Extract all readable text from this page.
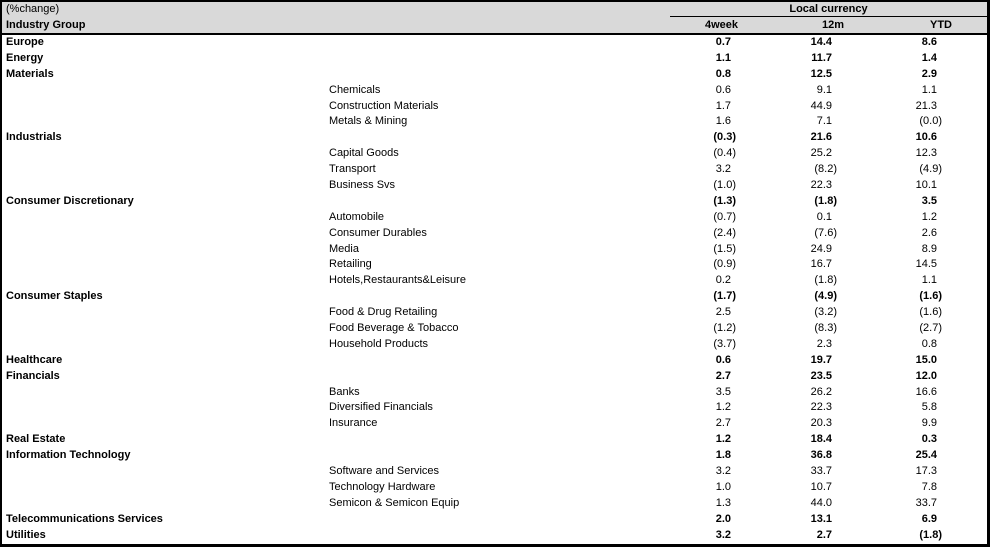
(%change)
Industry Group
Local currency
4week	12m	YTD
Europe	0.7	14.4	8.6
Energy	1.1	11.7	1.4
Materials	0.8	12.5	2.9
Chemicals	0.6	9.1	1.1
Construction Materials	1.7	44.9	21.3
Metals & Mining	1.6	7.1	(0.0)
Industrials	(0.3)	21.6	10.6
Capital Goods	(0.4)	25.2	12.3
Transport	3.2	(8.2)	(4.9)
Business Svs	(1.0)	22.3	10.1
Consumer Discretionary	(1.3)	(1.8)	3.5
Automobile	(0.7)	0.1	1.2
Consumer Durables	(2.4)	(7.6)	2.6
Media	(1.5)	24.9	8.9
Retailing	(0.9)	16.7	14.5
Hotels,Restaurants&Leisure	0.2	(1.8)	1.1
Consumer Staples	(1.7)	(4.9)	(1.6)
Food & Drug Retailing	2.5	(3.2)	(1.6)
Food Beverage & Tobacco	(1.2)	(8.3)	(2.7)
Household Products	(3.7)	2.3	0.8
Healthcare	0.6	19.7	15.0
Financials	2.7	23.5	12.0
Banks	3.5	26.2	16.6
Diversified Financials	1.2	22.3	5.8
Insurance	2.7	20.3	9.9
Real Estate	1.2	18.4	0.3
Information Technology	1.8	36.8	25.4
Software and Services	3.2	33.7	17.3
Technology Hardware	1.0	10.7	7.8
Semicon & Semicon Equip	1.3	44.0	33.7
Telecommunications Services	2.0	13.1	6.9
Utilities	3.2	2.7	(1.8)
